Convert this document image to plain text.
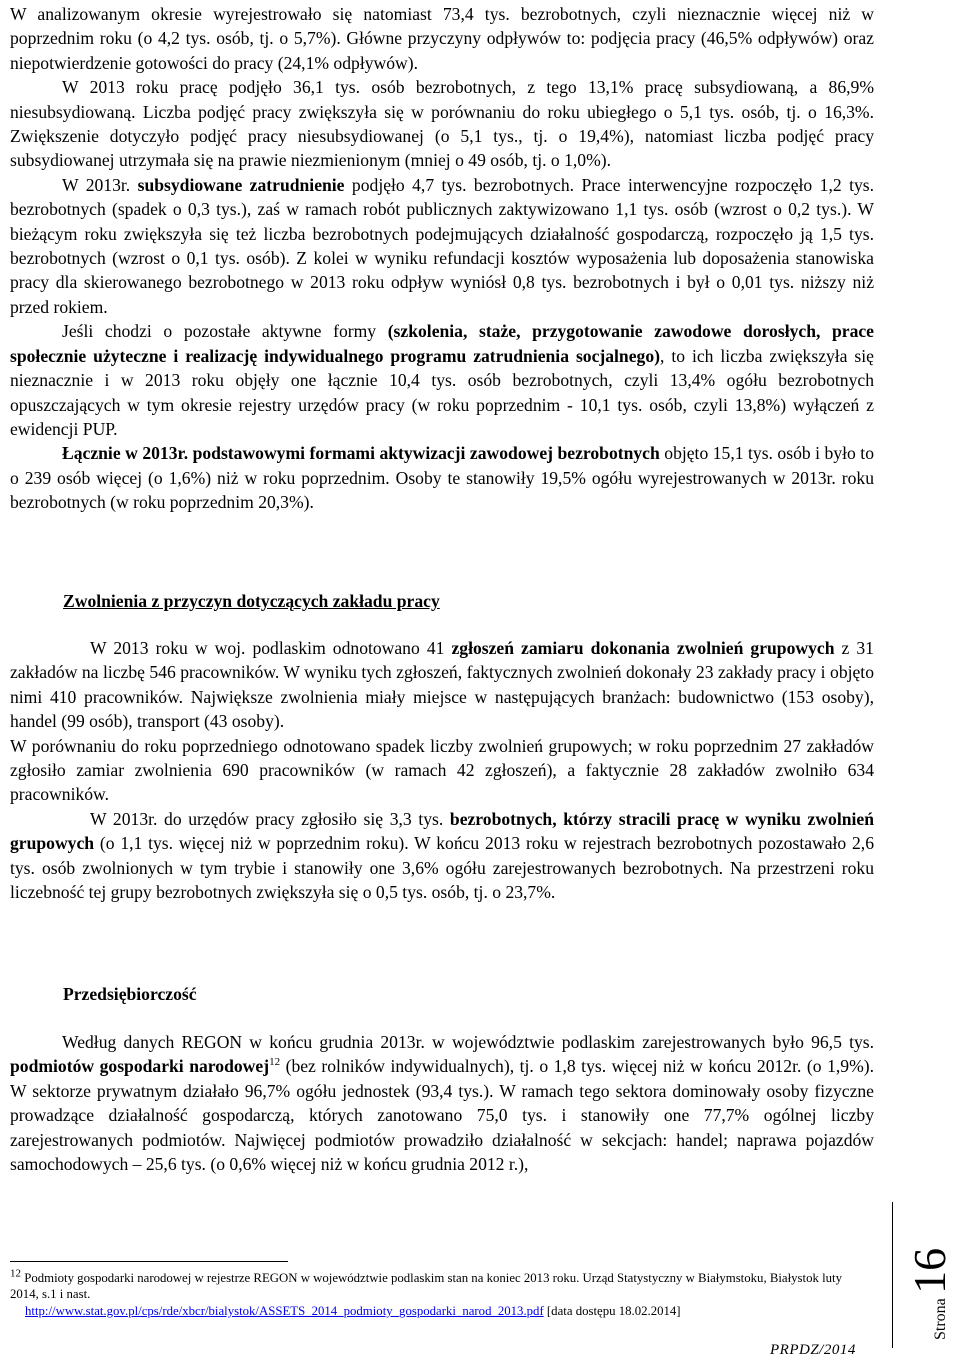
W analizowanym okresie wyrejestrowało się natomiast 73,4 tys. bezrobotnych, czyli nieznacznie więcej niż w poprzednim roku (o 4,2 tys. osób, tj. o 5,7%). Główne przyczyny odpływów to: podjęcia pracy (46,5% odpływów) oraz niepotwierdzenie gotowości do pracy (24,1% odpływów).

W 2013 roku pracę podjęło 36,1 tys. osób bezrobotnych, z tego 13,1% pracę subsydiowaną, a 86,9% niesubsydiowaną. Liczba podjęć pracy zwiększyła się w porównaniu do roku ubiegłego o 5,1 tys. osób, tj. o 16,3%. Zwiększenie dotyczyło podjęć pracy niesubsydiowanej (o 5,1 tys., tj. o 19,4%), natomiast liczba podjęć pracy subsydiowanej utrzymała się na prawie niezmienionym (mniej o 49 osób, tj. o 1,0%).

W 2013r. subsydiowane zatrudnienie podjęło 4,7 tys. bezrobotnych. Prace interwencyjne rozpoczęło 1,2 tys. bezrobotnych (spadek o 0,3 tys.), zaś w ramach robót publicznych zaktywizowano 1,1 tys. osób (wzrost o 0,2 tys.). W bieżącym roku zwiększyła się też liczba bezrobotnych podejmujących działalność gospodarczą, rozpoczęło ją 1,5 tys. bezrobotnych (wzrost o 0,1 tys. osób). Z kolei w wyniku refundacji kosztów wyposażenia lub doposażenia stanowiska pracy dla skierowanego bezrobotnego w 2013 roku odpływ wyniósł 0,8 tys. bezrobotnych i był o 0,01 tys. niższy niż przed rokiem.

Jeśli chodzi o pozostałe aktywne formy (szkolenia, staże, przygotowanie zawodowe dorosłych, prace społecznie użyteczne i realizację indywidualnego programu zatrudnienia socjalnego), to ich liczba zwiększyła się nieznacznie i w 2013 roku objęły one łącznie 10,4 tys. osób bezrobotnych, czyli 13,4% ogółu bezrobotnych opuszczających w tym okresie rejestry urzędów pracy (w roku poprzednim - 10,1 tys. osób, czyli 13,8%) wyłączeń z ewidencji PUP.

Łącznie w 2013r. podstawowymi formami aktywizacji zawodowej bezrobotnych objęto 15,1 tys. osób i było to o 239 osób więcej (o 1,6%) niż w roku poprzednim. Osoby te stanowiły 19,5% ogółu wyrejestrowanych w 2013r. roku bezrobotnych (w roku poprzednim 20,3%).

Zwolnienia z przyczyn dotyczących zakładu pracy

W 2013 roku w woj. podlaskim odnotowano 41 zgłoszeń zamiaru dokonania zwolnień grupowych z 31 zakładów na liczbę 546 pracowników. W wyniku tych zgłoszeń, faktycznych zwolnień dokonały 23 zakłady pracy i objęto nimi 410 pracowników. Największe zwolnienia miały miejsce w następujących branżach: budownictwo (153 osoby), handel (99 osób), transport (43 osoby).

W porównaniu do roku poprzedniego odnotowano spadek liczby zwolnień grupowych; w roku poprzednim 27 zakładów zgłosiło zamiar zwolnienia 690 pracowników (w ramach 42 zgłoszeń), a faktycznie 28 zakładów zwolniło 634 pracowników.

W 2013r. do urzędów pracy zgłosiło się 3,3 tys. bezrobotnych, którzy stracili pracę w wyniku zwolnień grupowych (o 1,1 tys. więcej niż w poprzednim roku). W końcu 2013 roku w rejestrach bezrobotnych pozostawało 2,6 tys. osób zwolnionych w tym trybie i stanowiły one 3,6% ogółu zarejestrowanych bezrobotnych. Na przestrzeni roku liczebność tej grupy bezrobotnych zwiększyła się o 0,5 tys. osób, tj. o 23,7%.

Przedsiębiorczość

Według danych REGON w końcu grudnia 2013r. w województwie podlaskim zarejestrowanych było 96,5 tys. podmiotów gospodarki narodowej$^{12}$ (bez rolników indywidualnych), tj. o 1,8 tys. więcej niż w końcu 2012r. (o 1,9%). W sektorze prywatnym działało 96,7% ogółu jednostek (93,4 tys.). W ramach tego sektora dominowały osoby fizyczne prowadzące działalność gospodarczą, których zanotowano 75,0 tys. i stanowiły one 77,7% ogólnej liczby zarejestrowanych podmiotów. Najwięcej podmiotów prowadziło działalność w sekcjach: handel; naprawa pojazdów samochodowych – 25,6 tys. (o 0,6% więcej niż w końcu grudnia 2012 r.),

12 Podmioty gospodarki narodowej w rejestrze REGON w województwie podlaskim stan na koniec 2013 roku. Urząd Statystyczny w Białymstoku, Białystok luty 2014, s.1 i nast.
http://www.stat.gov.pl/cps/rde/xbcr/bialystok/ASSETS_2014_podmioty_gospodarki_narod_2013.pdf [data dostępu 18.02.2014]	Strona 16
PRPDZ/2014
